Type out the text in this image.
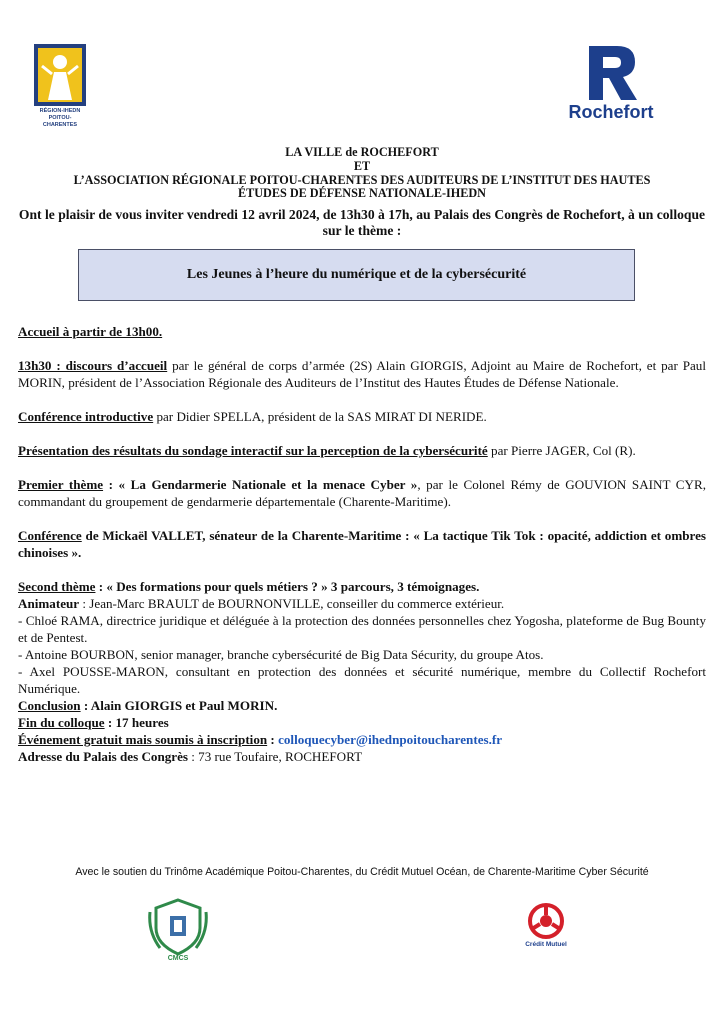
RÉGION-IHEDN
POITOU-CHARENTES
Rochefort
LA VILLE de ROCHEFORT
ET
L’ASSOCIATION RÉGIONALE POITOU-CHARENTES DES AUDITEURS DE L’INSTITUT DES HAUTES
ÉTUDES DE DÉFENSE NATIONALE-IHEDN
Ont le plaisir de vous inviter vendredi 12 avril 2024, de 13h30 à 17h, au Palais des Congrès de Rochefort, à un colloque sur le thème :
Les Jeunes à l’heure du numérique et de la cybersécurité

Accueil à partir de 13h00.

13h30 : discours d’accueil par le général de corps d’armée (2S) Alain GIORGIS, Adjoint au Maire de Rochefort, et par Paul MORIN, président de l’Association Régionale des Auditeurs de l’Institut des Hautes Études de Défense Nationale.

Conférence introductive par Didier SPELLA, président de la SAS MIRAT DI NERIDE.

Présentation des résultats du sondage interactif sur la perception de la cybersécurité par Pierre JAGER, Col (R).

Premier thème : « La Gendarmerie Nationale et la menace Cyber », par le Colonel Rémy de GOUVION SAINT CYR, commandant du groupement de gendarmerie départementale (Charente-Maritime).

Conférence de Mickaël VALLET, sénateur de la Charente-Maritime : « La tactique Tik Tok : opacité, addiction et ombres chinoises ».

Second thème : « Des formations pour quels métiers ? » 3 parcours, 3 témoignages.

Animateur : Jean-Marc BRAULT de BOURNONVILLE, conseiller du commerce extérieur.

- Chloé RAMA, directrice juridique et déléguée à la protection des données personnelles chez Yogosha, plateforme de Bug Bounty et de Pentest.

- Antoine BOURBON, senior manager, branche cybersécurité de Big Data Sécurity, du groupe Atos.

- Axel POUSSE-MARON, consultant en protection des données et sécurité numérique, membre du Collectif Rochefort Numérique.

Conclusion : Alain GIORGIS et Paul MORIN.

Fin du colloque : 17 heures

Événement gratuit mais soumis à inscription : colloquecyber@ihednpoitoucharentes.fr

Adresse du Palais des Congrès : 73 rue Toufaire, ROCHEFORT

Avec le soutien du Trinôme Académique Poitou-Charentes, du Crédit Mutuel Océan, de Charente-Maritime Cyber Sécurité
CMCS
Crédit Mutuel
